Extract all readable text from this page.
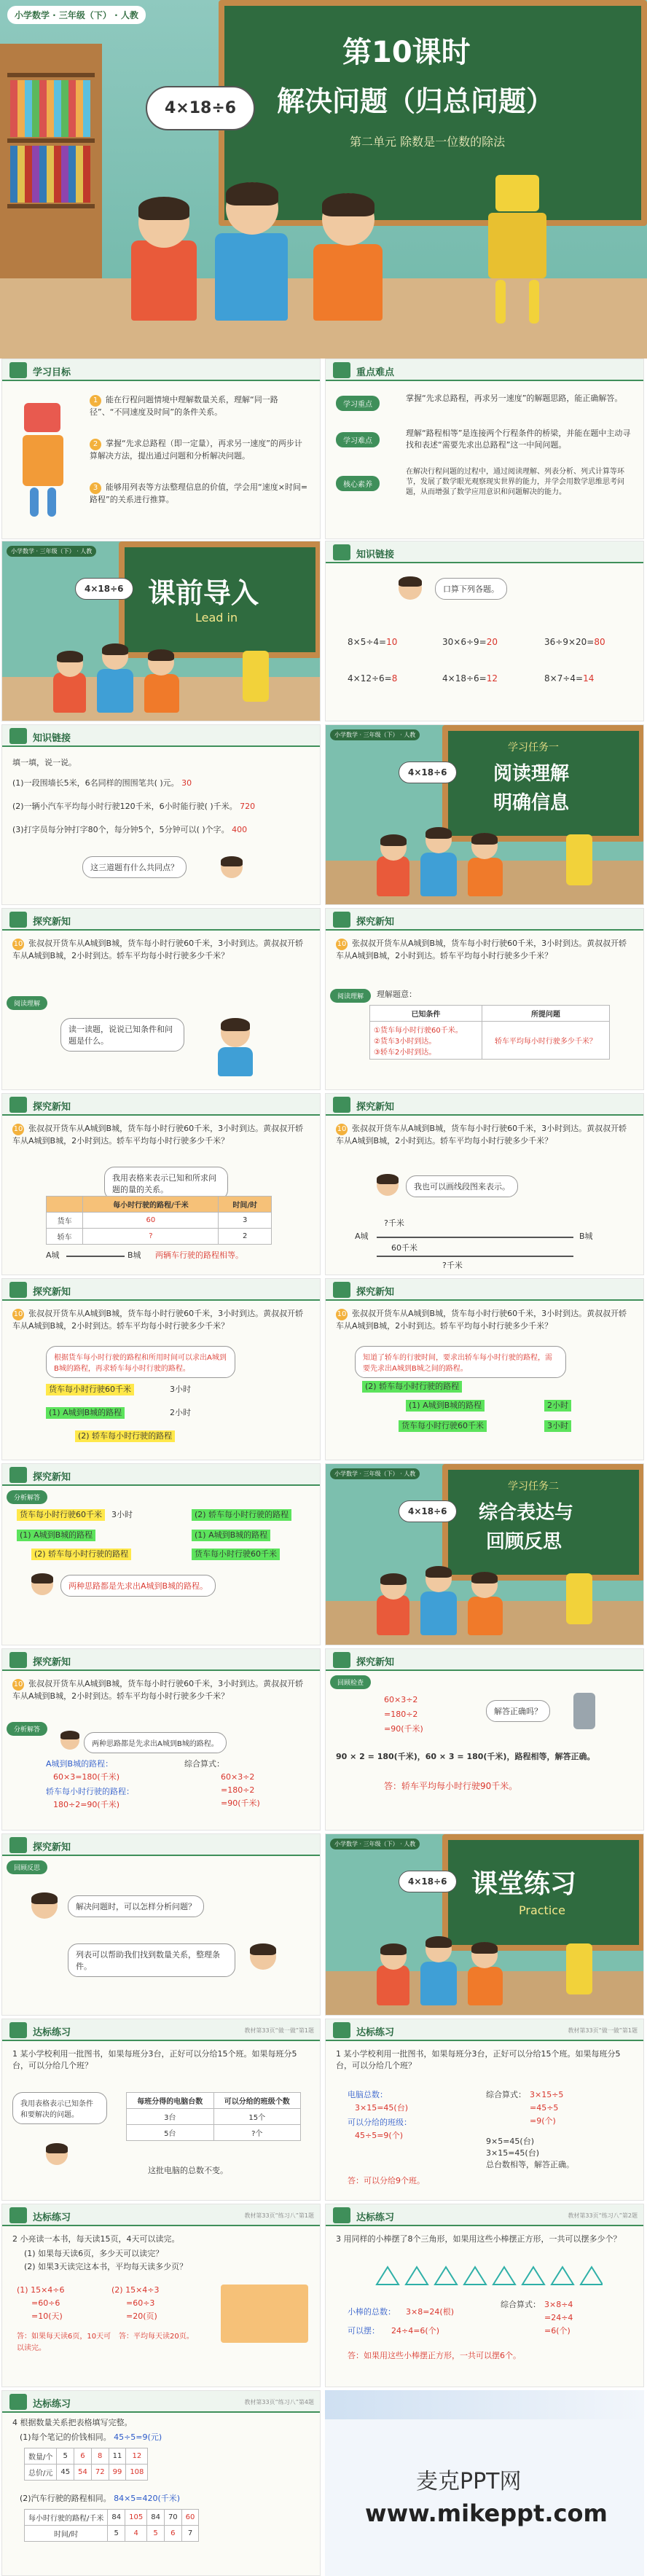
小学数学 · 三年级（下） · 人教
第10课时
解决问题（归总问题）
第二单元 除数是一位数的除法
4×18÷6
学习目标
1 能在行程问题情境中理解数量关系，理解“同一路径”、“不同速度及时间”的条件关系。
2 掌握“先求总路程（即一定量），再求另一速度”的两步计算解决方法，提出通过问题和分析解决问题。
3 能够用列表等方法整理信息的价值，学会用“速度×时间=路程”的关系进行推算。
重点难点
学习重点
掌握“先求总路程，再求另一速度”的解题思路，能正确解答。
学习难点
理解“路程相等”是连接两个行程条件的桥梁，并能在题中主动寻找和表述“需要先求出总路程”这一中间问题。
核心素养
在解决行程问题的过程中，通过阅读理解、列表分析、列式计算等环节，发展了数学眼光观察现实世界的能力，并学会用数学思维思考问题，从而增强了数学应用意识和问题解决的能力。
小学数学 · 三年级（下） · 人教
课前导入
Lead in
4×18÷6
知识链接
口算下列各题。
8×5÷4=10	30×6÷9=20	36÷9×20=80
4×12÷6=8	4×18÷6=12	8×7÷4=14
知识链接
填一填，说一说。
(1)一段围墙长5米，6名同样的围围笔共( )元。 30
(2)一辆小汽车平均每小时行驶120千米，6小时能行驶( )千米。 720
(3)打字员每分钟打字80个，每分钟5个，5分钟可以( )个字。 400
这三道题有什么共同点？
小学数学 · 三年级（下） · 人教
学习任务一
阅读理解
明确信息
4×18÷6
探究新知
10 张叔叔开货车从A城到B城，货车每小时行驶60千米，3小时到达。黄叔叔开轿车从A城到B城，2小时到达。轿车平均每小时行驶多少千米？
阅读理解
读一读题，说说已知条件和问题是什么。
探究新知
10 张叔叔开货车从A城到B城，货车每小时行驶60千米，3小时到达。黄叔叔开轿车从A城到B城，2小时到达。轿车平均每小时行驶多少千米？
阅读理解	理解题意：
已知条件	所提问题

①货车每小时行驶60千米。
②货车3小时到达。
③轿车2小时到达。	轿车平均每小时行驶多少千米？
探究新知
10 张叔叔开货车从A城到B城，货车每小时行驶60千米，3小时到达。黄叔叔开轿车从A城到B城，2小时到达。轿车平均每小时行驶多少千米？
我用表格来表示已知和所求问题的量的关系。
	每小时行驶的路程/千米	时间/时
货车	60	3
轿车	?	2
A城	B城 两辆车行驶的路程相等。
探究新知
10 张叔叔开货车从A城到B城，货车每小时行驶60千米，3小时到达。黄叔叔开轿车从A城到B城，2小时到达。轿车平均每小时行驶多少千米？
我也可以画线段图来表示。
?千米
A城	B城
60千米
?千米
探究新知
10 张叔叔开货车从A城到B城，货车每小时行驶60千米，3小时到达。黄叔叔开轿车从A城到B城，2小时到达。轿车平均每小时行驶多少千米？
根据货车每小时行驶的路程和所用时间可以求出A城到B城的路程，再求轿车每小时行驶的路程。
货车每小时行驶60千米	3小时
(1) A城到B城的路程	2小时
(2) 轿车每小时行驶的路程
探究新知
10 张叔叔开货车从A城到B城，货车每小时行驶60千米，3小时到达。黄叔叔开轿车从A城到B城，2小时到达。轿车平均每小时行驶多少千米？
知道了轿车的行驶时间，要求出轿车每小时行驶的路程，需要先求出A城到B城之间的路程。
(2) 轿车每小时行驶的路程
(1) A城到B城的路程	2小时
货车每小时行驶60千米	3小时
探究新知
分析解答
货车每小时行驶60千米	3小时
(1) A城到B城的路程
(2) 轿车每小时行驶的路程
(2) 轿车每小时行驶的路程
(1) A城到B城的路程
货车每小时行驶60千米
两种思路都是先求出A城到B城的路程。
小学数学 · 三年级（下） · 人教
学习任务二
综合表达与
回顾反思
4×18÷6
探究新知
10 张叔叔开货车从A城到B城，货车每小时行驶60千米，3小时到达。黄叔叔开轿车从A城到B城，2小时到达。轿车平均每小时行驶多少千米？
分析解答
两种思路都是先求出A城到B城的路程。
A城到B城的路程：
60×3=180(千米)
轿车每小时行驶的路程：
180÷2=90(千米)
综合算式：
60×3÷2
=180÷2
=90(千米)
探究新知
回顾检查
60×3÷2
=180÷2
=90(千米)
解答正确吗？
90 × 2 = 180(千米)，60 × 3 = 180(千米)，路程相等，解答正确。
答：轿车平均每小时行驶90千米。
探究新知
回顾反思
解决问题时，可以怎样分析问题？
列表可以帮助我们找到数量关系，整理条件。
小学数学 · 三年级（下） · 人教
课堂练习
Practice
4×18÷6
达标练习	教材第33页“做一做”第1题
1 某小学校利用一批图书，如果每班分3台，正好可以分给15个班。如果每班分5台，可以分给几个班？
我用表格表示已知条件和要解决的问题。
每班分得的电脑台数	可以分给的班级个数
3台	15个
5台	?个
这批电脑的总数不变。
达标练习	教材第33页“做一做”第1题
1 某小学校利用一批图书，如果每班分3台，正好可以分给15个班。如果每班分5台，可以分给几个班？
电脑总数：
3×15=45(台)
可以分给的班级：
45÷5=9(个)
综合算式： 3×15÷5
=45÷5
=9(个)
9×5=45(台)
3×15=45(台)
总台数相等，解答正确。
答：可以分给9个班。
达标练习	教材第33页“练习八”第1题
2 小亮读一本书，每天读15页，4天可以读完。
(1) 如果每天读6页，多少天可以读完？
(2) 如果3天读完这本书，平均每天读多少页？
(1) 15×4÷6
=60÷6
=10(天)
(2) 15×4÷3
=60÷3
=20(页)
答：如果每天读6页，10天可以读完。
答：平均每天读20页。
达标练习	教材第33页“练习八”第2题
3 用同样的小棒摆了8个三角形，如果用这些小棒摆正方形，一共可以摆多少个？
小棒的总数： 3×8=24(根)
可以摆： 24÷4=6(个)
综合算式： 3×8÷4
=24÷4
=6(个)
答：如果用这些小棒摆正方形，一共可以摆6个。
达标练习	教材第33页“练习八”第4题
4 根据数量关系把表格填写完整。
(1)每个笔记的价钱相同。 45÷5=9(元)
数量/个	5	6	8	11	12
总价/元	45	54	72	99	108
(2)汽车行驶的路程相同。 84×5=420(千米)
每小时行驶的路程/千米	84	105	84	70	60
时间/时	5	4	5	6	7
麦克PPT网
www.mikeppt.com
